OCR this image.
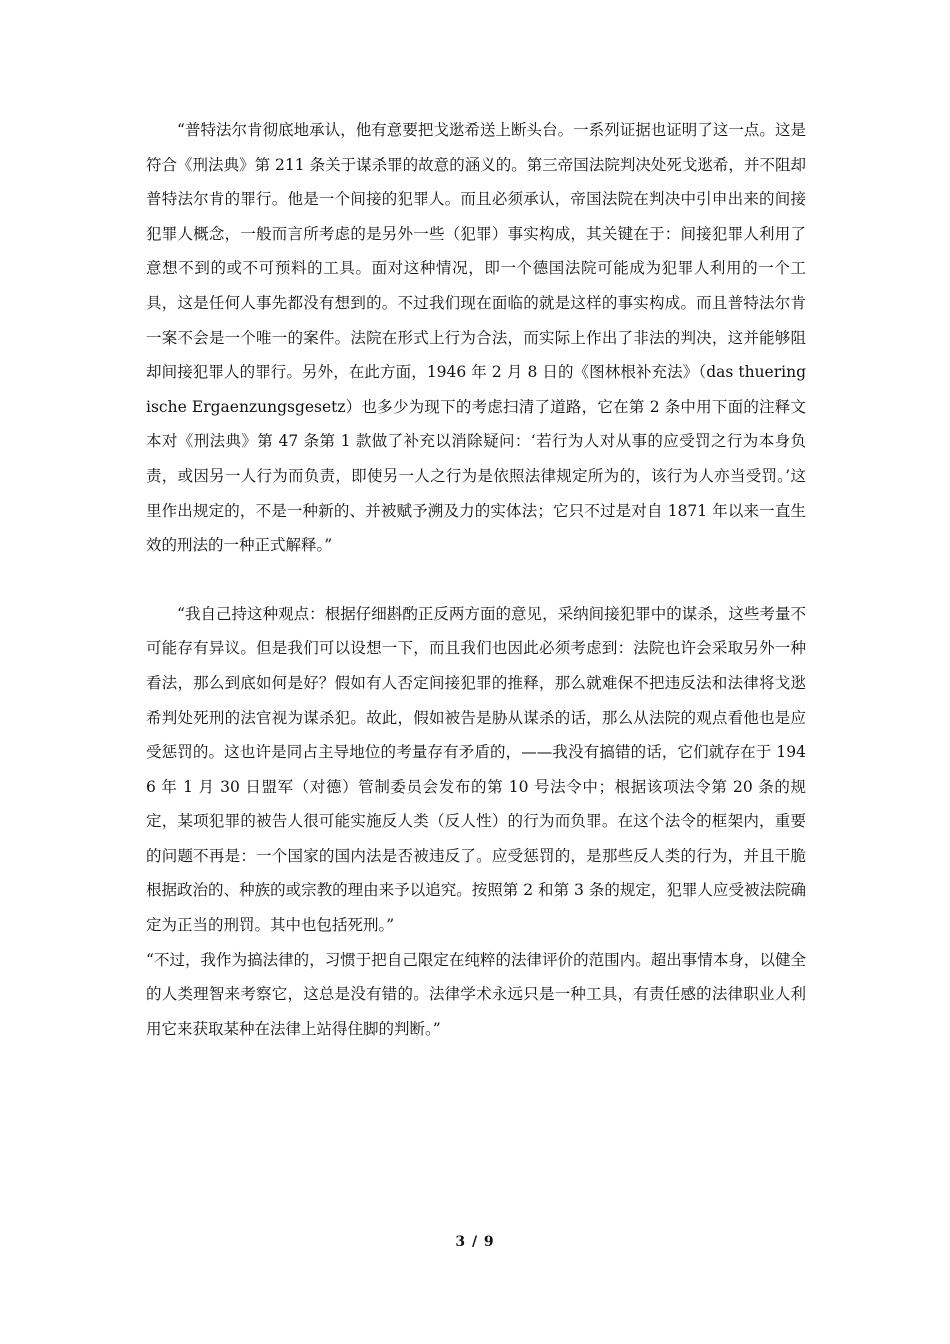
“普特法尔肯彻底地承认，他有意要把戈逖希送上断头台。一系列证据也证明了这一点。这是符合《刑法典》第 211 条关于谋杀罪的故意的涵义的。第三帝国法院判决处死戈逖希，并不阻却普特法尔肯的罪行。他是一个间接的犯罪人。而且必须承认，帝国法院在判决中引申出来的间接犯罪人概念，一般而言所考虑的是另外一些（犯罪）事实构成，其关键在于：间接犯罪人利用了意想不到的或不可预料的工具。面对这种情况，即一个德国法院可能成为犯罪人利用的一个工具，这是任何人事先都没有想到的。不过我们现在面临的就是这样的事实构成。而且普特法尔肯一案不会是一个唯一的案件。法院在形式上行为合法，而实际上作出了非法的判决，这并能够阻却间接犯罪人的罪行。另外，在此方面，1946 年 2 月 8 日的《图林根补充法》（das thueringische Ergaenzungsgesetz）也多少为现下的考虑扫清了道路，它在第 2 条中用下面的注释文本对《刑法典》第 47 条第 1 款做了补充以消除疑问：‘若行为人对从事的应受罚之行为本身负责，或因另一人行为而负责，即使另一人之行为是依照法律规定所为的，该行为人亦当受罚。’这里作出规定的，不是一种新的、并被赋予溯及力的实体法；它只不过是对自 1871 年以来一直生效的刑法的一种正式解释。”

“我自己持这种观点：根据仔细斟酌正反两方面的意见，采纳间接犯罪中的谋杀，这些考量不可能存有异议。但是我们可以设想一下，而且我们也因此必须考虑到：法院也许会采取另外一种看法，那么到底如何是好？假如有人否定间接犯罪的推释，那么就难保不把违反法和法律将戈逖希判处死刑的法官视为谋杀犯。故此，假如被告是胁从谋杀的话，那么从法院的观点看他也是应受惩罚的。这也许是同占主导地位的考量存有矛盾的，——我没有搞错的话，它们就存在于 1946 年 1 月 30 日盟军（对德）管制委员会发布的第 10 号法令中；根据该项法令第 20 条的规定，某项犯罪的被告人很可能实施反人类（反人性）的行为而负罪。在这个法令的框架内，重要的问题不再是：一个国家的国内法是否被违反了。应受惩罚的，是那些反人类的行为，并且干脆根据政治的、种族的或宗教的理由来予以追究。按照第 2 和第 3 条的规定，犯罪人应受被法院确定为正当的刑罚。其中也包括死刑。”

“不过，我作为搞法律的，习惯于把自己限定在纯粹的法律评价的范围内。超出事情本身，以健全的人类理智来考察它，这总是没有错的。法律学术永远只是一种工具，有责任感的法律职业人利用它来获取某种在法律上站得住脚的判断。”

3 / 9
